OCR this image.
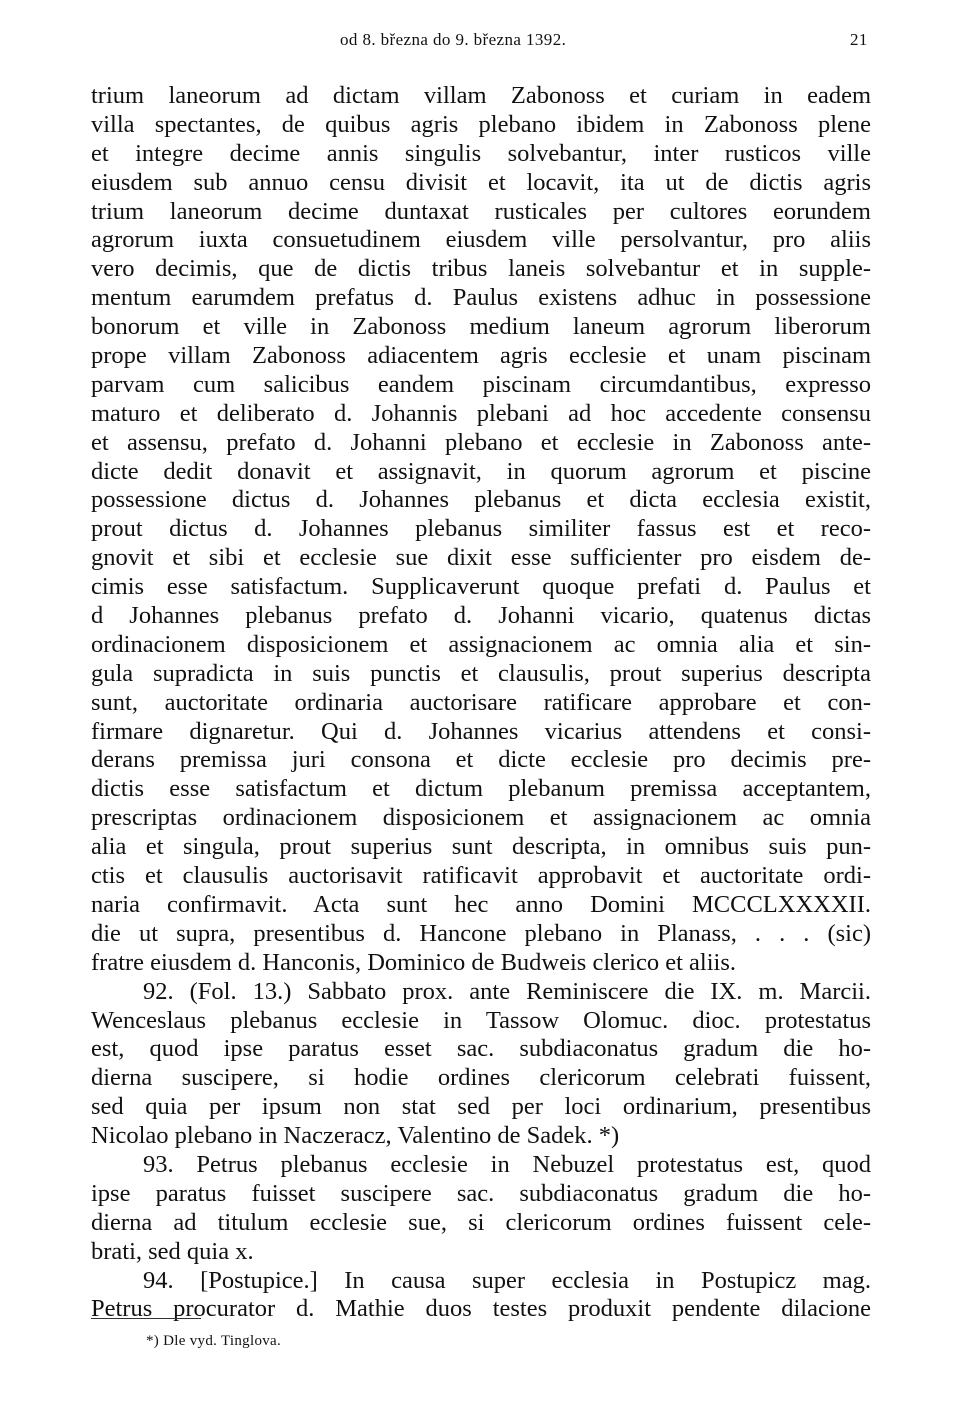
od 8. března do 9. března 1392.	21
trium laneorum ad dictam villam Zabonoss et curiam in eadem
villa spectantes, de quibus agris plebano ibidem in Zabonoss plene
et integre decime annis singulis solvebantur, inter rusticos ville
eiusdem sub annuo censu divisit et locavit, ita ut de dictis agris
trium laneorum decime duntaxat rusticales per cultores eorundem
agrorum iuxta consuetudinem eiusdem ville persolvantur, pro aliis
vero decimis, que de dictis tribus laneis solvebantur et in supple-
mentum earumdem prefatus d. Paulus existens adhuc in possessione
bonorum et ville in Zabonoss medium laneum agrorum liberorum
prope villam Zabonoss adiacentem agris ecclesie et unam piscinam
parvam cum salicibus eandem piscinam circumdantibus, expresso
maturo et deliberato d. Johannis plebani ad hoc accedente consensu
et assensu, prefato d. Johanni plebano et ecclesie in Zabonoss ante-
dicte dedit donavit et assignavit, in quorum agrorum et piscine
possessione dictus d. Johannes plebanus et dicta ecclesia existit,
prout dictus d. Johannes plebanus similiter fassus est et reco-
gnovit et sibi et ecclesie sue dixit esse sufficienter pro eisdem de-
cimis esse satisfactum. Supplicaverunt quoque prefati d. Paulus et
d Johannes plebanus prefato d. Johanni vicario, quatenus dictas
ordinacionem disposicionem et assignacionem ac omnia alia et sin-
gula supradicta in suis punctis et clausulis, prout superius descripta
sunt, auctoritate ordinaria auctorisare ratificare approbare et con-
firmare dignaretur. Qui d. Johannes vicarius attendens et consi-
derans premissa juri consona et dicte ecclesie pro decimis pre-
dictis esse satisfactum et dictum plebanum premissa acceptantem,
prescriptas ordinacionem disposicionem et assignacionem ac omnia
alia et singula, prout superius sunt descripta, in omnibus suis pun-
ctis et clausulis auctorisavit ratificavit approbavit et auctoritate ordi-
naria confirmavit. Acta sunt hec anno Domini MCCCLXXXXII.
die ut supra, presentibus d. Hancone plebano in Planass, . . . (sic)
fratre eiusdem d. Hanconis, Dominico de Budweis clerico et aliis.
92. (Fol. 13.) Sabbato prox. ante Reminiscere die IX. m. Marcii.
Wenceslaus plebanus ecclesie in Tassow Olomuc. dioc. protestatus
est, quod ipse paratus esset sac. subdiaconatus gradum die ho-
dierna suscipere, si hodie ordines clericorum celebrati fuissent,
sed quia per ipsum non stat sed per loci ordinarium, presentibus
Nicolao plebano in Naczeracz, Valentino de Sadek. *)
93. Petrus plebanus ecclesie in Nebuzel protestatus est, quod
ipse paratus fuisset suscipere sac. subdiaconatus gradum die ho-
dierna ad titulum ecclesie sue, si clericorum ordines fuissent cele-
brati, sed quia x.
94. [Postupice.] In causa super ecclesia in Postupicz mag.
Petrus procurator d. Mathie duos testes produxit pendente dilacione
*) Dle vyd. Tinglova.
